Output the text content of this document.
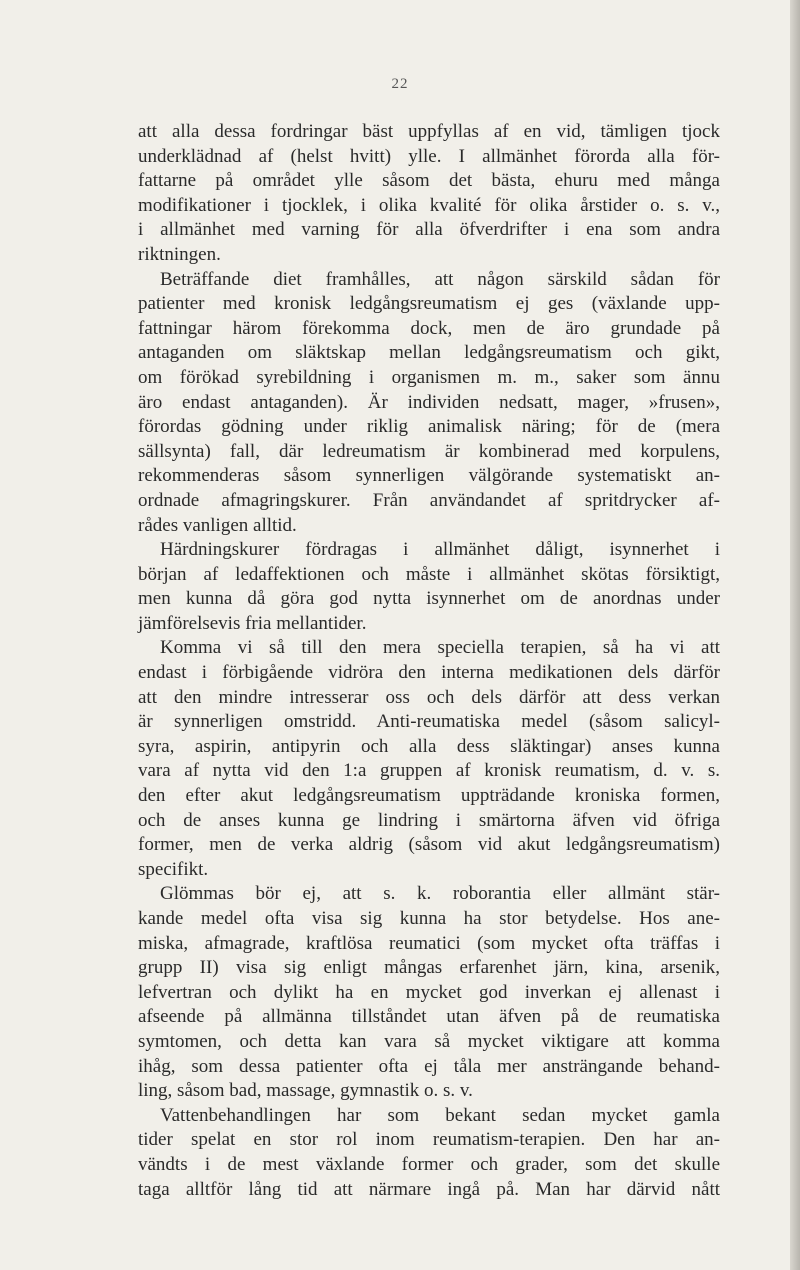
22
att alla dessa fordringar bäst uppfyllas af en vid, tämligen tjock
underklädnad af (helst hvitt) ylle. I allmänhet förorda alla för-
fattarne på området ylle såsom det bästa, ehuru med många
modifikationer i tjocklek, i olika kvalité för olika årstider o. s. v.,
i allmänhet med varning för alla öfverdrifter i ena som andra
riktningen.
Beträffande diet framhålles, att någon särskild sådan för
patienter med kronisk ledgångsreumatism ej ges (växlande upp-
fattningar härom förekomma dock, men de äro grundade på
antaganden om släktskap mellan ledgångsreumatism och gikt,
om förökad syrebildning i organismen m. m., saker som ännu
äro endast antaganden). Är individen nedsatt, mager, »frusen»,
förordas gödning under riklig animalisk näring; för de (mera
sällsynta) fall, där ledreumatism är kombinerad med korpulens,
rekommenderas såsom synnerligen välgörande systematiskt an-
ordnade afmagringskurer. Från användandet af spritdrycker af-
rådes vanligen alltid.
Härdningskurer fördragas i allmänhet dåligt, isynnerhet i
början af ledaffektionen och måste i allmänhet skötas försiktigt,
men kunna då göra god nytta isynnerhet om de anordnas under
jämförelsevis fria mellantider.
Komma vi så till den mera speciella terapien, så ha vi att
endast i förbigående vidröra den interna medikationen dels därför
att den mindre intresserar oss och dels därför att dess verkan
är synnerligen omstridd. Anti-reumatiska medel (såsom salicyl-
syra, aspirin, antipyrin och alla dess släktingar) anses kunna
vara af nytta vid den 1:a gruppen af kronisk reumatism, d. v. s.
den efter akut ledgångsreumatism uppträdande kroniska formen,
och de anses kunna ge lindring i smärtorna äfven vid öfriga
former, men de verka aldrig (såsom vid akut ledgångsreumatism)
specifikt.
Glömmas bör ej, att s. k. roborantia eller allmänt stär-
kande medel ofta visa sig kunna ha stor betydelse. Hos ane-
miska, afmagrade, kraftlösa reumatici (som mycket ofta träffas i
grupp II) visa sig enligt mångas erfarenhet järn, kina, arsenik,
lefvertran och dylikt ha en mycket god inverkan ej allenast i
afseende på allmänna tillståndet utan äfven på de reumatiska
symtomen, och detta kan vara så mycket viktigare att komma
ihåg, som dessa patienter ofta ej tåla mer ansträngande behand-
ling, såsom bad, massage, gymnastik o. s. v.
Vattenbehandlingen har som bekant sedan mycket gamla
tider spelat en stor rol inom reumatism-terapien. Den har an-
vändts i de mest växlande former och grader, som det skulle
taga alltför lång tid att närmare ingå på. Man har därvid nått
